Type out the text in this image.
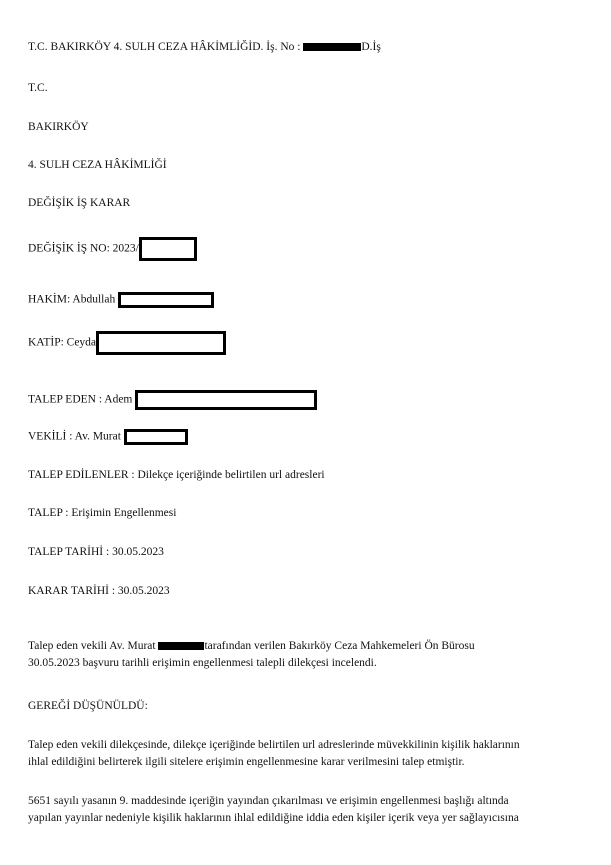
T.C. BAKIRKÖY 4. SULH CEZA HÂKİMLİĞİD. İş. No :	D.İş

T.C.

BAKIRKÖY

4. SULH CEZA HÂKİMLİĞİ

DEĞİŞİK İŞ KARAR

DEĞİŞİK İŞ NO: 2023/

HAKİM: Abdullah

KATİP: Ceyda

TALEP EDEN : Adem

VEKİLİ : Av. Murat

TALEP EDİLENLER : Dilekçe içeriğinde belirtilen url adresleri

TALEP : Erişimin Engellenmesi

TALEP TARİHİ : 30.05.2023

KARAR TARİHİ : 30.05.2023

Talep eden vekili Av. Murat	tarafından verilen Bakırköy Ceza Mahkemeleri Ön Bürosu
30.05.2023 başvuru tarihli erişimin engellenmesi talepli dilekçesi incelendi.

GEREĞİ DÜŞÜNÜLDÜ:

Talep eden vekili dilekçesinde, dilekçe içeriğinde belirtilen url adreslerinde müvekkilinin kişilik haklarının
ihlal edildiğini belirterek ilgili sitelere erişimin engellenmesine karar verilmesini talep etmiştir.
5651 sayılı yasanın 9. maddesinde içeriğin yayından çıkarılması ve erişimin engellenmesi başlığı altında
yapılan yayınlar nedeniyle kişilik haklarının ihlal edildiğine iddia eden kişiler içerik veya yer sağlayıcısına
